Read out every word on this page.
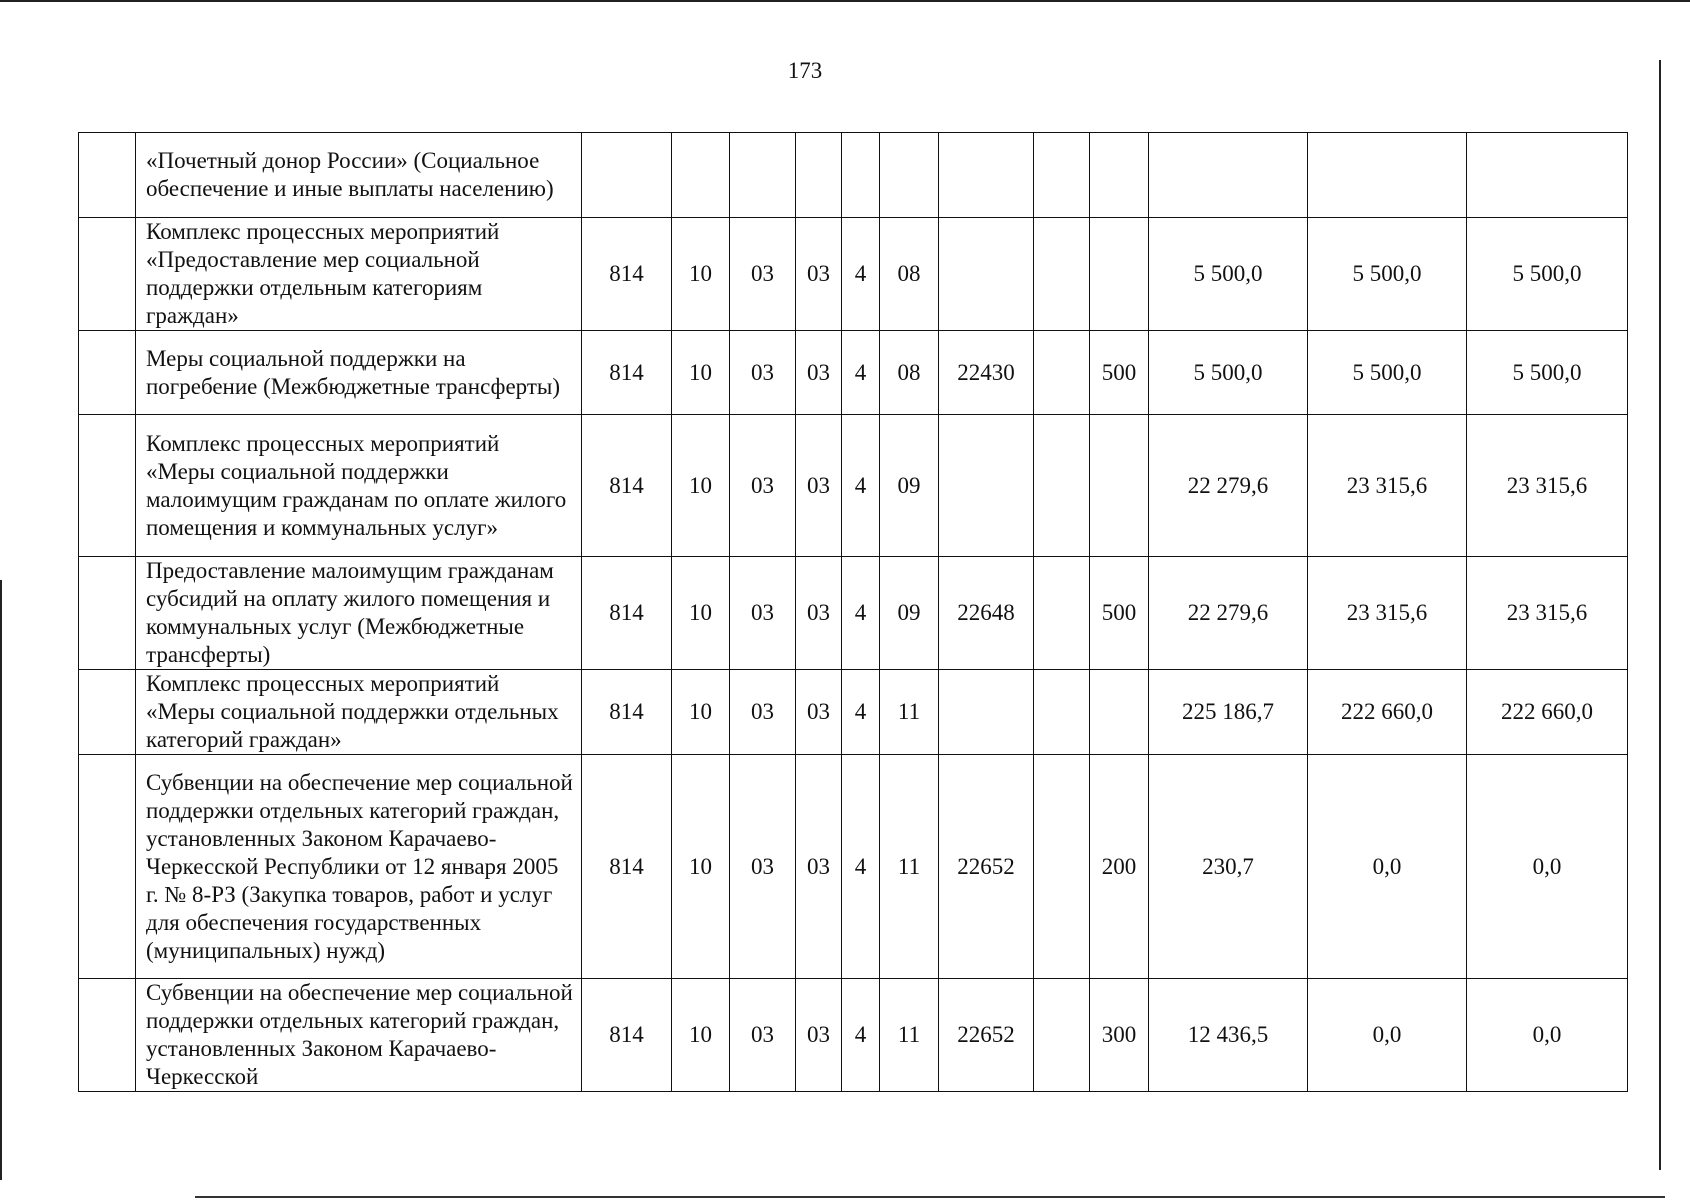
173
	«Почетный донор России» (Социальное обеспечение и иные выплаты населению)												
	Комплекс процессных мероприятий «Предоставление мер социальной поддержки отдельным категориям граждан»	814	10	03	03	4	08				5 500,0	5 500,0	5 500,0
	Меры социальной поддержки на погребение (Межбюджетные трансферты)	814	10	03	03	4	08	22430		500	5 500,0	5 500,0	5 500,0
	Комплекс процессных мероприятий «Меры социальной поддержки малоимущим гражданам по оплате жилого помещения и коммунальных услуг»	814	10	03	03	4	09				22 279,6	23 315,6	23 315,6
	Предоставление малоимущим гражданам субсидий на оплату жилого помещения и коммунальных услуг (Межбюджетные трансферты)	814	10	03	03	4	09	22648		500	22 279,6	23 315,6	23 315,6
	Комплекс процессных мероприятий «Меры социальной поддержки отдельных категорий граждан»	814	10	03	03	4	11				225 186,7	222 660,0	222 660,0
	Субвенции на обеспечение мер социальной поддержки отдельных категорий граждан, установленных Законом Карачаево-Черкесской Республики от 12 января 2005 г. № 8-РЗ (Закупка товаров, работ и услуг для обеспечения государственных (муниципальных) нужд)	814	10	03	03	4	11	22652		200	230,7	0,0	0,0
	Субвенции на обеспечение мер социальной поддержки отдельных категорий граждан, установленных Законом Карачаево-Черкесской	814	10	03	03	4	11	22652		300	12 436,5	0,0	0,0
